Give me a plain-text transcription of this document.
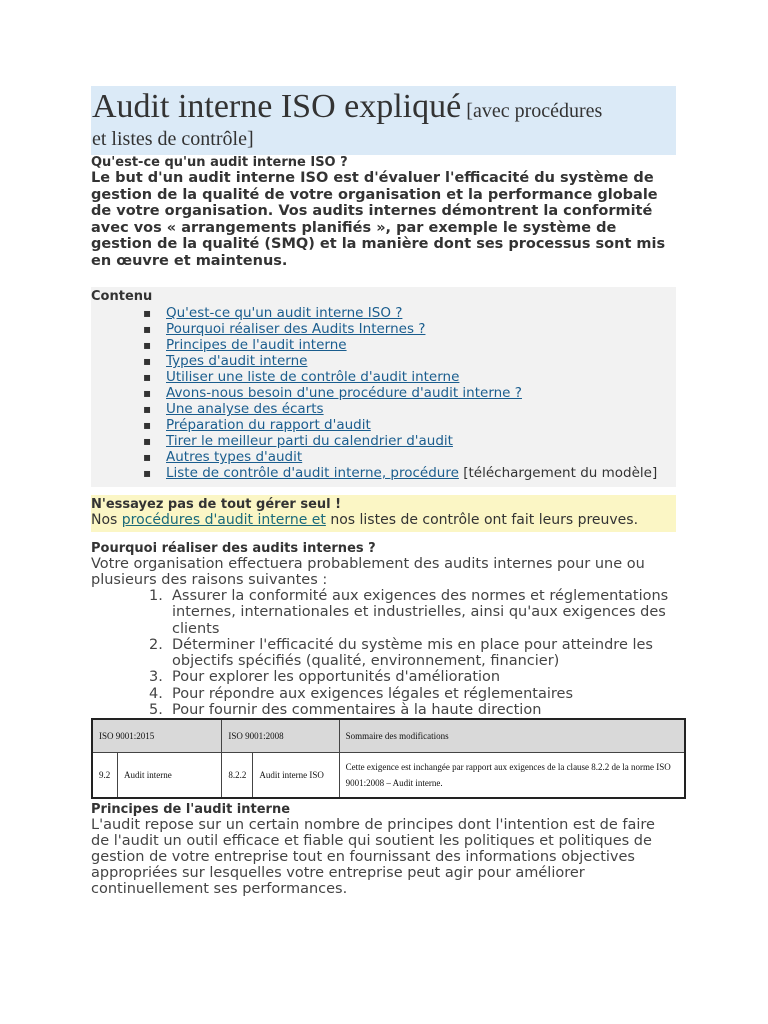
Audit interne ISO expliqué [avec procédures
et listes de contrôle]
Qu'est-ce qu'un audit interne ISO ?
Le but d'un audit interne ISO est d'évaluer l'efficacité du système de gestion de la qualité de votre organisation et la performance globale de votre organisation. Vos audits internes démontrent la conformité avec vos « arrangements planifiés », par exemple le système de gestion de la qualité (SMQ) et la manière dont ses processus sont mis en œuvre et maintenus.
Contenu
▪ Qu'est-ce qu'un audit interne ISO ?
▪ Pourquoi réaliser des Audits Internes ?
▪ Principes de l'audit interne
▪ Types d'audit interne
▪ Utiliser une liste de contrôle d'audit interne
▪ Avons-nous besoin d'une procédure d'audit interne ?
▪ Une analyse des écarts
▪ Préparation du rapport d'audit
▪ Tirer le meilleur parti du calendrier d'audit
▪ Autres types d'audit
▪ Liste de contrôle d'audit interne, procédure [téléchargement du modèle]
N'essayez pas de tout gérer seul !
Nos procédures d'audit interne et nos listes de contrôle ont fait leurs preuves.
Pourquoi réaliser des audits internes ?
Votre organisation effectuera probablement des audits internes pour une ou plusieurs des raisons suivantes :
1. Assurer la conformité aux exigences des normes et réglementations internes, internationales et industrielles, ainsi qu'aux exigences des clients
2. Déterminer l'efficacité du système mis en place pour atteindre les objectifs spécifiés (qualité, environnement, financier)
3. Pour explorer les opportunités d'amélioration
4. Pour répondre aux exigences légales et réglementaires
5. Pour fournir des commentaires à la haute direction
ISO 9001:2015		ISO 9001:2008		Sommaire des modifications
9.2	Audit interne	8.2.2	Audit interne ISO	Cette exigence est inchangée par rapport aux exigences de la clause 8.2.2 de la norme ISO 9001:2008 – Audit interne.
Principes de l'audit interne
L'audit repose sur un certain nombre de principes dont l'intention est de faire de l'audit un outil efficace et fiable qui soutient les politiques et politiques de gestion de votre entreprise tout en fournissant des informations objectives appropriées sur lesquelles votre entreprise peut agir pour améliorer continuellement ses performances.
